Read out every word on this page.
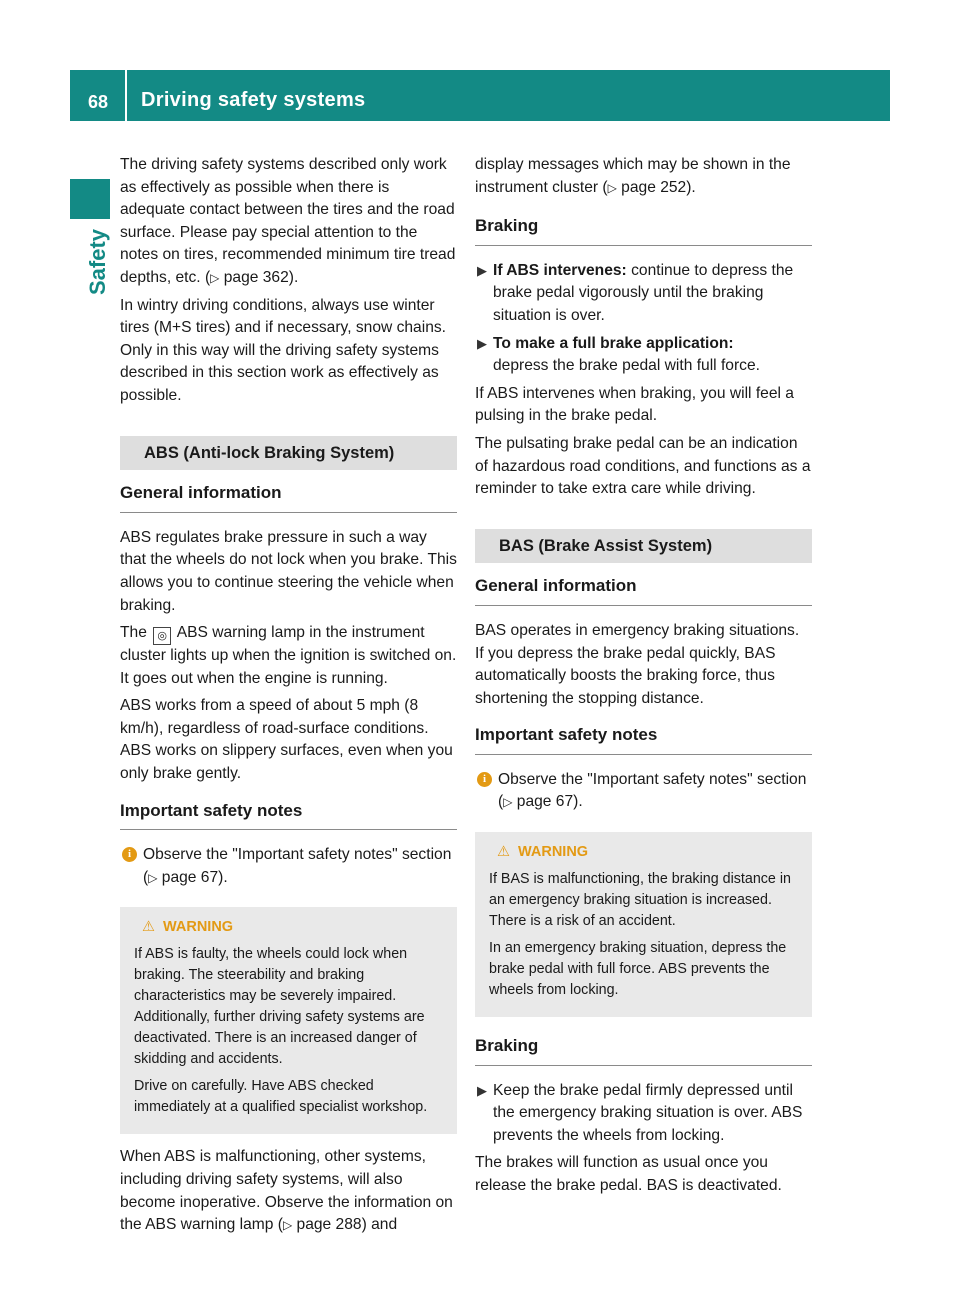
68 Driving safety systems
Safety

The driving safety systems described only work as effectively as possible when there is adequate contact between the tires and the road surface. Please pay special attention to the notes on tires, recommended minimum tire tread depths, etc. (▷ page 362).

In wintry driving conditions, always use winter tires (M+S tires) and if necessary, snow chains. Only in this way will the driving safety systems described in this section work as effectively as possible.

ABS (Anti-lock Braking System)
General information

ABS regulates brake pressure in such a way that the wheels do not lock when you brake. This allows you to continue steering the vehicle when braking.

The ◎ ABS warning lamp in the instrument cluster lights up when the ignition is switched on. It goes out when the engine is running.

ABS works from a speed of about 5 mph (8 km/h), regardless of road-surface conditions. ABS works on slippery surfaces, even when you only brake gently.

Important safety notes
i Observe the "Important safety notes" section (▷ page 67).
⚠ WARNING

If ABS is faulty, the wheels could lock when braking. The steerability and braking characteristics may be severely impaired. Additionally, further driving safety systems are deactivated. There is an increased danger of skidding and accidents.

Drive on carefully. Have ABS checked immediately at a qualified specialist workshop.

When ABS is malfunctioning, other systems, including driving safety systems, will also become inoperative. Observe the information on the ABS warning lamp (▷ page 288) and

display messages which may be shown in the instrument cluster (▷ page 252).

Braking
▶ If ABS intervenes: continue to depress the brake pedal vigorously until the braking situation is over.
▶ To make a full brake application:
depress the brake pedal with full force.

If ABS intervenes when braking, you will feel a pulsing in the brake pedal.

The pulsating brake pedal can be an indication of hazardous road conditions, and functions as a reminder to take extra care while driving.

BAS (Brake Assist System)
General information

BAS operates in emergency braking situations. If you depress the brake pedal quickly, BAS automatically boosts the braking force, thus shortening the stopping distance.

Important safety notes
i Observe the "Important safety notes" section (▷ page 67).
⚠ WARNING

If BAS is malfunctioning, the braking distance in an emergency braking situation is increased. There is a risk of an accident.

In an emergency braking situation, depress the brake pedal with full force. ABS prevents the wheels from locking.

Braking
▶ Keep the brake pedal firmly depressed until the emergency braking situation is over. ABS prevents the wheels from locking.

The brakes will function as usual once you release the brake pedal. BAS is deactivated.
